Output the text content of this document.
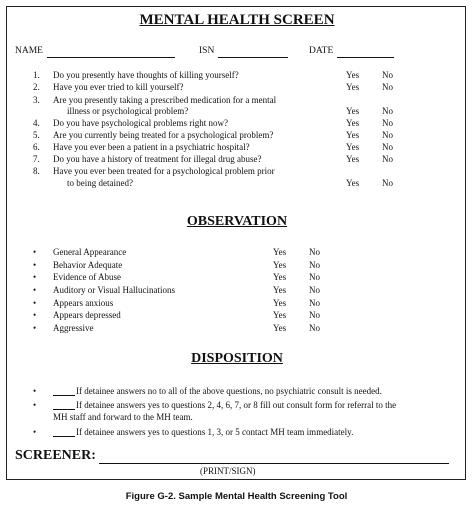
MENTAL HEALTH SCREEN
NAME	ISN	DATE
1. Do you presently have thoughts of killing yourself?	Yes	No
2. Have you ever tried to kill yourself?	Yes	No
3. Are you presently taking a prescribed medication for a mental
illness or psychological problem?	Yes	No
4. Do you have psychological problems right now?	Yes	No
5. Are you currently being treated for a psychological problem?	Yes	No
6. Have you ever been a patient in a psychiatric hospital?	Yes	No
7. Do you have a history of treatment for illegal drug abuse?	Yes	No
8. Have you ever been treated for a psychological problem prior
to being detained?	Yes	No
OBSERVATION
• General Appearance	Yes	No
• Behavior Adequate	Yes	No
• Evidence of Abuse	Yes	No
• Auditory or Visual Hallucinations	Yes	No
• Appears anxious	Yes	No
• Appears depressed	Yes	No
• Aggressive	Yes	No
DISPOSITION
•	If detainee answers no to all of the above questions, no psychiatric consult is needed.
•	If detainee answers yes to questions 2, 4, 6, 7, or 8 fill out consult form for referral to the
MH staff and forward to the MH team.
•	If detainee answers yes to questions 1, 3, or 5 contact MH team immediately.
SCREENER:
(PRINT/SIGN)
Figure G-2. Sample Mental Health Screening Tool
